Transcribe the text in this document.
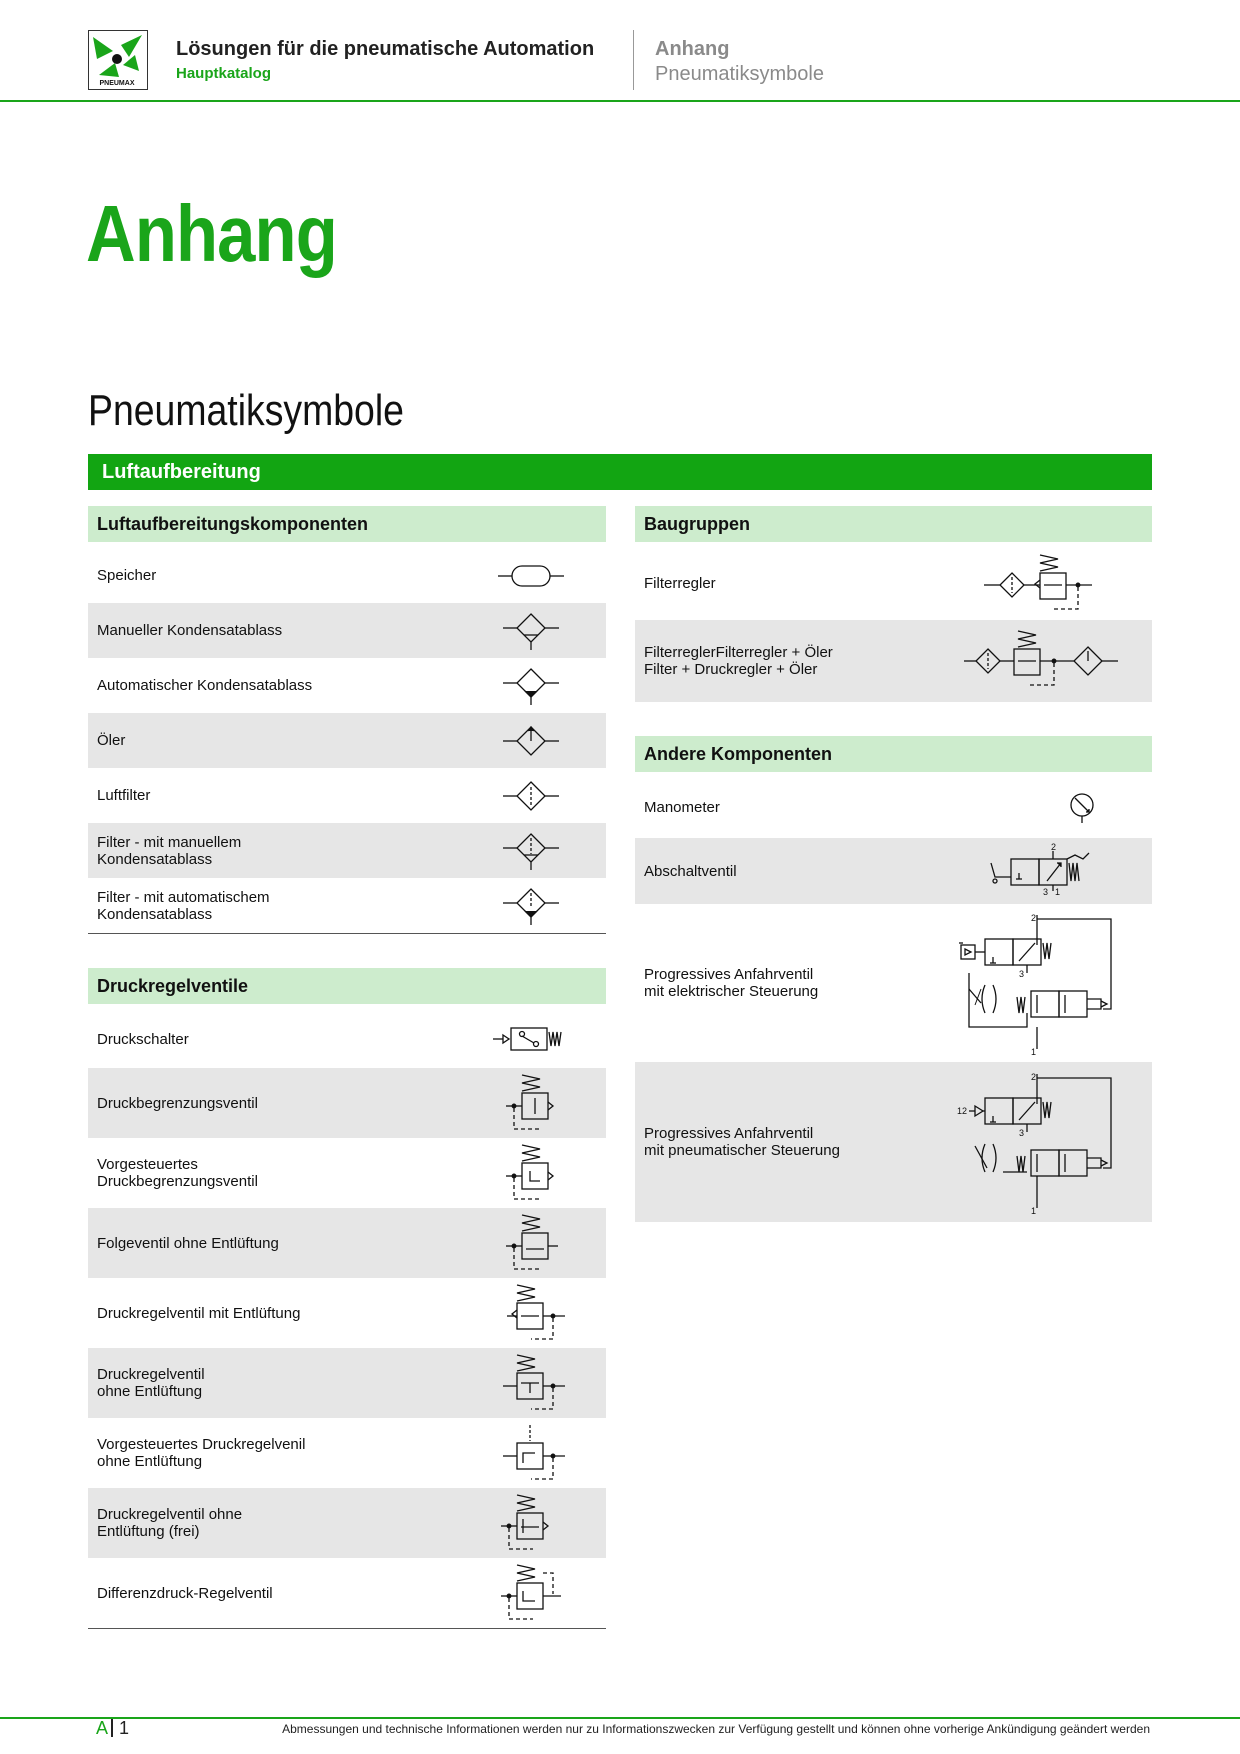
PNEUMAX
Lösungen für die pneumatische Automation
Hauptkatalog
Anhang
Pneumatiksymbole
Anhang
Pneumatiksymbole
Luftaufbereitung
Luftaufbereitungskomponenten
Speicher
Manueller Kondensatablass
Automatischer Kondensatablass
Öler
Luftfilter
Filter - mit manuellem
Kondensatablass
Filter - mit automatischem
Kondensatablass
Druckregelventile
Druckschalter
Druckbegrenzungsventil
Vorgesteuertes
Druckbegrenzungsventil
Folgeventil ohne Entlüftung
Druckregelventil mit Entlüftung
Druckregelventil
ohne Entlüftung
Vorgesteuertes Druckregelvenil
ohne Entlüftung
Druckregelventil ohne
Entlüftung (frei)
Differenzdruck-Regelventil
Baugruppen
Filterregler
FilterreglerFilterregler + Öler
Filter + Druckregler + Öler
Andere Komponenten
Manometer
Abschaltventil
2
3 1
Progressives Anfahrventil
mit elektrischer Steuerung
2
3
1
Progressives Anfahrventil
mit pneumatischer Steuerung
2
12
3
1
A 1	Abmessungen und technische Informationen werden nur zu Informationszwecken zur Verfügung gestellt und können ohne vorherige Ankündigung geändert werden
